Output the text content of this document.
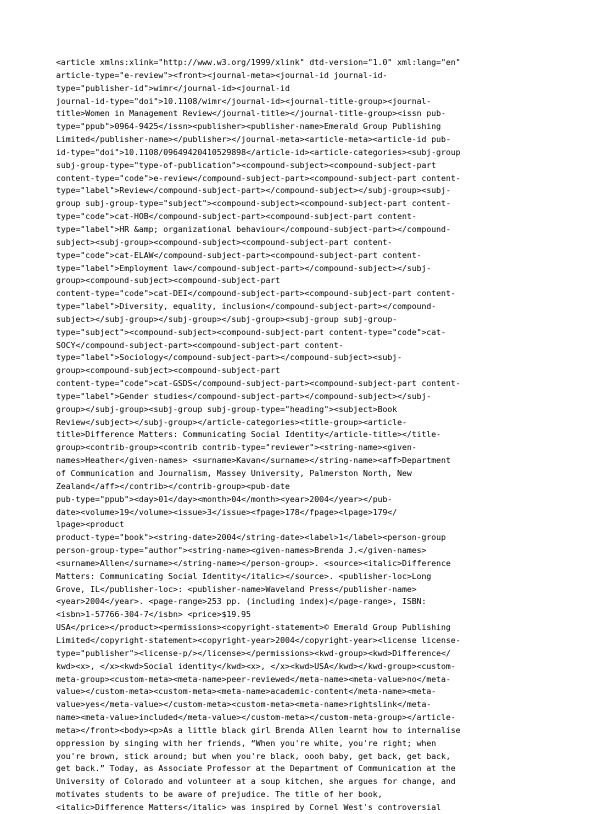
<article xmlns:xlink="http://www.w3.org/1999/xlink" dtd-version="1.0" xml:lang="en"
article-type="e-review"><front><journal-meta><journal-id journal-id-
type="publisher-id">wimr</journal-id><journal-id
journal-id-type="doi">10.1108/wimr</journal-id><journal-title-group><journal-
title>Women in Management Review</journal-title></journal-title-group><issn pub-
type="ppub">0964-9425</issn><publisher><publisher-name>Emerald Group Publishing
Limited</publisher-name></publisher></journal-meta><article-meta><article-id pub-
id-type="doi">10.1108/09649420410529898</article-id><article-categories><subj-group
subj-group-type="type-of-publication"><compound-subject><compound-subject-part
content-type="code">e-review</compound-subject-part><compound-subject-part content-
type="label">Review</compound-subject-part></compound-subject></subj-group><subj-
group subj-group-type="subject"><compound-subject><compound-subject-part content-
type="code">cat-HOB</compound-subject-part><compound-subject-part content-
type="label">HR &amp; organizational behaviour</compound-subject-part></compound-
subject><subj-group><compound-subject><compound-subject-part content-
type="code">cat-ELAW</compound-subject-part><compound-subject-part content-
type="label">Employment law</compound-subject-part></compound-subject></subj-
group><compound-subject><compound-subject-part
content-type="code">cat-DEI</compound-subject-part><compound-subject-part content-
type="label">Diversity, equality, inclusion</compound-subject-part></compound-
subject></subj-group></subj-group></subj-group><subj-group subj-group-
type="subject"><compound-subject><compound-subject-part content-type="code">cat-
SOCY</compound-subject-part><compound-subject-part content-
type="label">Sociology</compound-subject-part></compound-subject><subj-
group><compound-subject><compound-subject-part
content-type="code">cat-GSDS</compound-subject-part><compound-subject-part content-
type="label">Gender studies</compound-subject-part></compound-subject></subj-
group></subj-group><subj-group subj-group-type="heading"><subject>Book
Review</subject></subj-group></article-categories><title-group><article-
title>Difference Matters: Communicating Social Identity</article-title></title-
group><contrib-group><contrib contrib-type="reviewer"><string-name><given-
names>Heather</given-names> <surname>Kavan</surname></string-name><aff>Department
of Communication and Journalism, Massey University, Palmerston North, New
Zealand</aff></contrib></contrib-group><pub-date
pub-type="ppub"><day>01</day><month>04</month><year>2004</year></pub-
date><volume>19</volume><issue>3</issue><fpage>178</fpage><lpage>179</
lpage><product
product-type="book"><string-date>2004</string-date><label>1</label><person-group
person-group-type="author"><string-name><given-names>Brenda J.</given-names>
<surname>Allen</surname></string-name></person-group>. <source><italic>Difference
Matters: Communicating Social Identity</italic></source>. <publisher-loc>Long
Grove, IL</publisher-loc>: <publisher-name>Waveland Press</publisher-name>
<year>2004</year>. <page-range>253 pp. (including index)</page-range>, ISBN:
<isbn>1-57766-304-7</isbn> <price>$19.95
USA</price></product><permissions><copyright-statement>© Emerald Group Publishing
Limited</copyright-statement><copyright-year>2004</copyright-year><license license-
type="publisher"><license-p/></license></permissions><kwd-group><kwd>Difference</
kwd><x>, </x><kwd>Social identity</kwd><x>, </x><kwd>USA</kwd></kwd-group><custom-
meta-group><custom-meta><meta-name>peer-reviewed</meta-name><meta-value>no</meta-
value></custom-meta><custom-meta><meta-name>academic-content</meta-name><meta-
value>yes</meta-value></custom-meta><custom-meta><meta-name>rightslink</meta-
name><meta-value>included</meta-value></custom-meta></custom-meta-group></article-
meta></front><body><p>As a little black girl Brenda Allen learnt how to internalise
oppression by singing with her friends, “When you're white, you're right; when
you're brown, stick around; but when you're black, oooh baby, get back, get back,
get back.” Today, as Associate Professor at the Department of Communication at the
University of Colorado and volunteer at a soup kitchen, she argues for change, and
motivates students to be aware of prejudice. The title of her book,
<italic>Difference Matters</italic> was inspired by Cornel West's controversial
